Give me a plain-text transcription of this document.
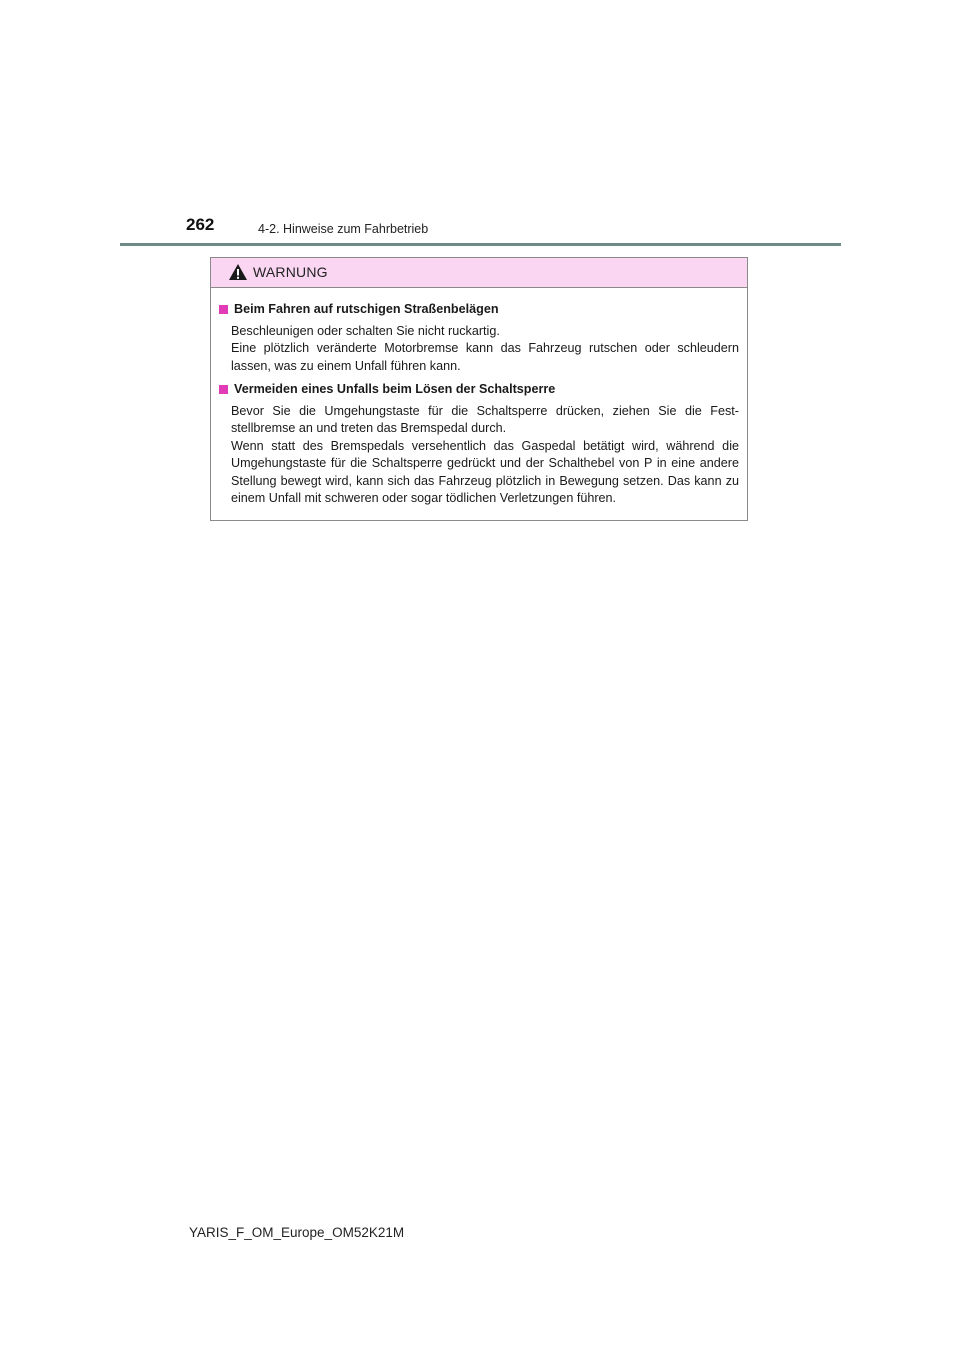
262	4-2. Hinweise zum Fahrbetrieb
WARNUNG
Beim Fahren auf rutschigen Straßenbelägen

Beschleunigen oder schalten Sie nicht ruckartig.

Eine plötzlich veränderte Motorbremse kann das Fahrzeug rutschen oder schleudern lassen, was zu einem Unfall führen kann.

Vermeiden eines Unfalls beim Lösen der Schaltsperre

Bevor Sie die Umgehungstaste für die Schaltsperre drücken, ziehen Sie die Feststellbremse an und treten das Bremspedal durch.

Wenn statt des Bremspedals versehentlich das Gaspedal betätigt wird, während die Umgehungstaste für die Schaltsperre gedrückt und der Schalthebel von P in eine andere Stellung bewegt wird, kann sich das Fahrzeug plötzlich in Bewegung setzen. Das kann zu einem Unfall mit schweren oder sogar tödlichen Verletzungen führen.

YARIS_F_OM_Europe_OM52K21M
